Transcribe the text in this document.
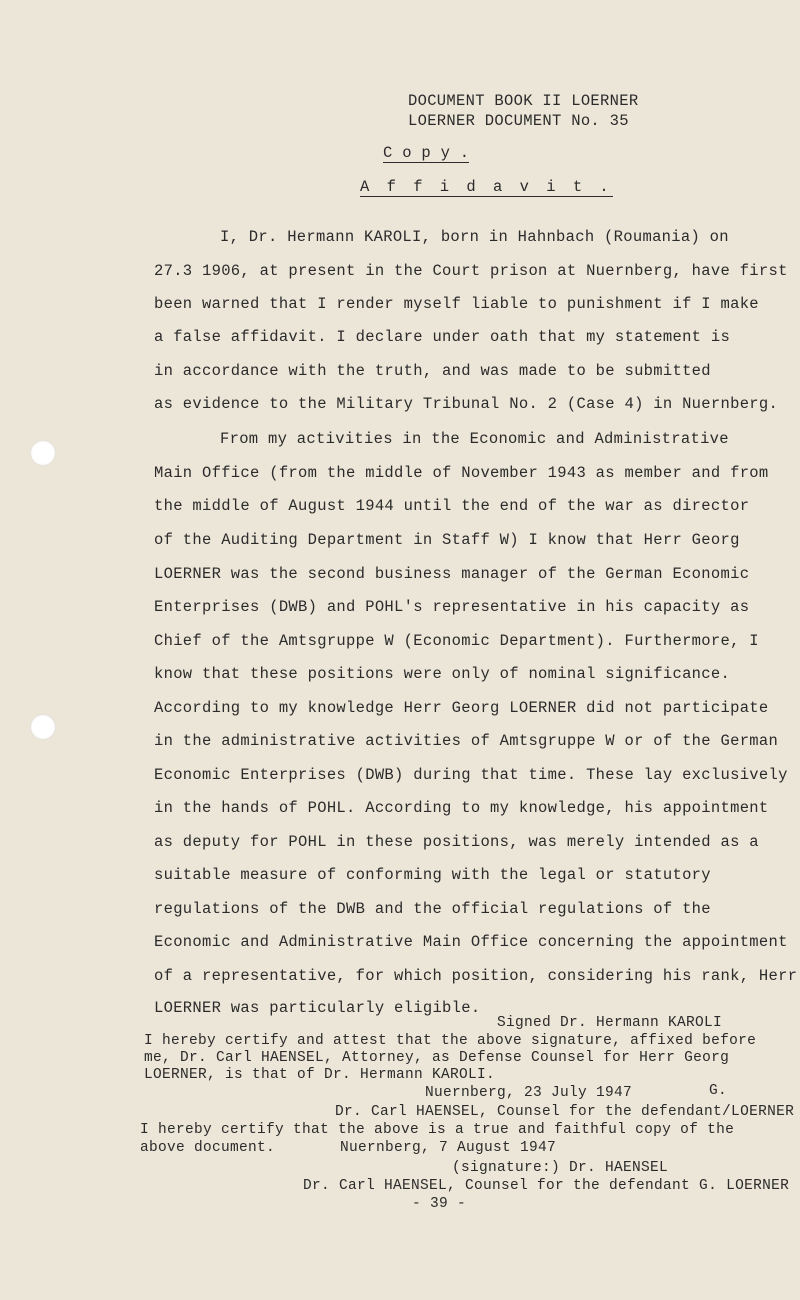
DOCUMENT BOOK II LOERNER
LOERNER DOCUMENT No. 35
C o p y .
A f f i d a v i t .
I, Dr. Hermann KAROLI, born in Hahnbach (Roumania) on
27.3 1906, at present in the Court prison at Nuernberg, have first
been warned that I render myself liable to punishment if I make
a false affidavit. I declare under oath that my statement is
in accordance with the truth, and was made to be submitted
as evidence to the Military Tribunal No. 2 (Case 4) in Nuernberg.
From my activities in the Economic and Administrative
Main Office (from the middle of November 1943 as member and from
the middle of August 1944 until the end of the war as director
of the Auditing Department in Staff W) I know that Herr Georg
LOERNER was the second business manager of the German Economic
Enterprises (DWB) and POHL's representative in his capacity as
Chief of the Amtsgruppe W (Economic Department). Furthermore, I
know that these positions were only of nominal significance.
According to my knowledge Herr Georg LOERNER did not participate
in the administrative activities of Amtsgruppe W or of the German
Economic Enterprises (DWB) during that time. These lay exclusively
in the hands of POHL. According to my knowledge, his appointment
as deputy for POHL in these positions, was merely intended as a
suitable measure of conforming with the legal or statutory
regulations of the DWB and the official regulations of the
Economic and Administrative Main Office concerning the appointment
of a representative, for which position, considering his rank, Herr
LOERNER was particularly eligible.
Signed Dr. Hermann KAROLI
I hereby certify and attest that the above signature, affixed before
me, Dr. Carl HAENSEL, Attorney, as Defense Counsel for Herr Georg
LOERNER, is that of Dr. Hermann KAROLI.
Nuernberg, 23 July 1947	G.
Dr. Carl HAENSEL, Counsel for the defendant/LOERNER
I hereby certify that the above is a true and faithful copy of the
above document.	Nuernberg, 7 August 1947
(signature:) Dr. HAENSEL
Dr. Carl HAENSEL, Counsel for the defendant G. LOERNER
- 39 -
